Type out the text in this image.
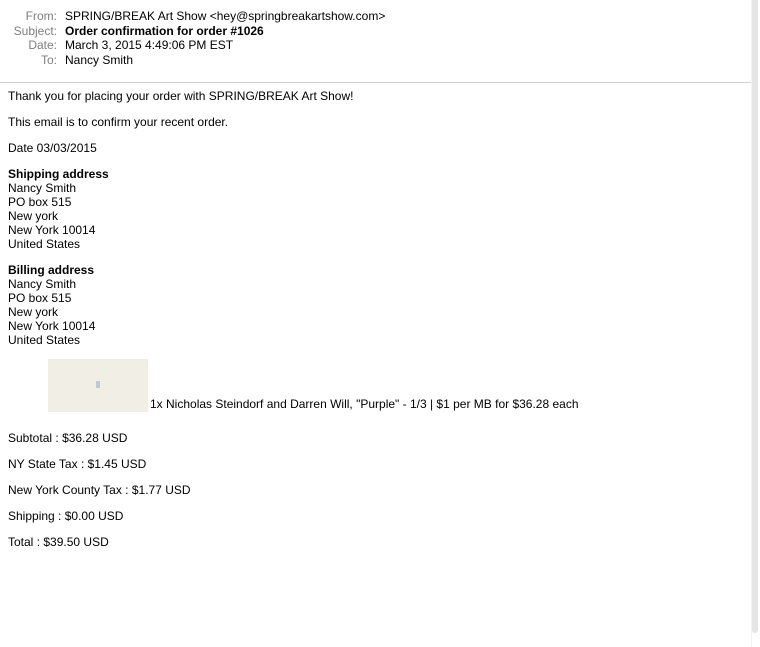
From: SPRING/BREAK Art Show <hey@springbreakartshow.com>
Subject: Order confirmation for order #1026
Date: March 3, 2015 4:49:06 PM EST
To: Nancy Smith

Thank you for placing your order with SPRING/BREAK Art Show!

This email is to confirm your recent order.

Date 03/03/2015

Shipping address
Nancy Smith
PO box 515
New york
New York 10014
United States
Billing address
Nancy Smith
PO box 515
New york
New York 10014
United States
1x Nicholas Steindorf and Darren Will, "Purple" - 1/3 | $1 per MB for $36.28 each

Subtotal : $36.28 USD

NY State Tax : $1.45 USD

New York County Tax : $1.77 USD

Shipping : $0.00 USD

Total : $39.50 USD
